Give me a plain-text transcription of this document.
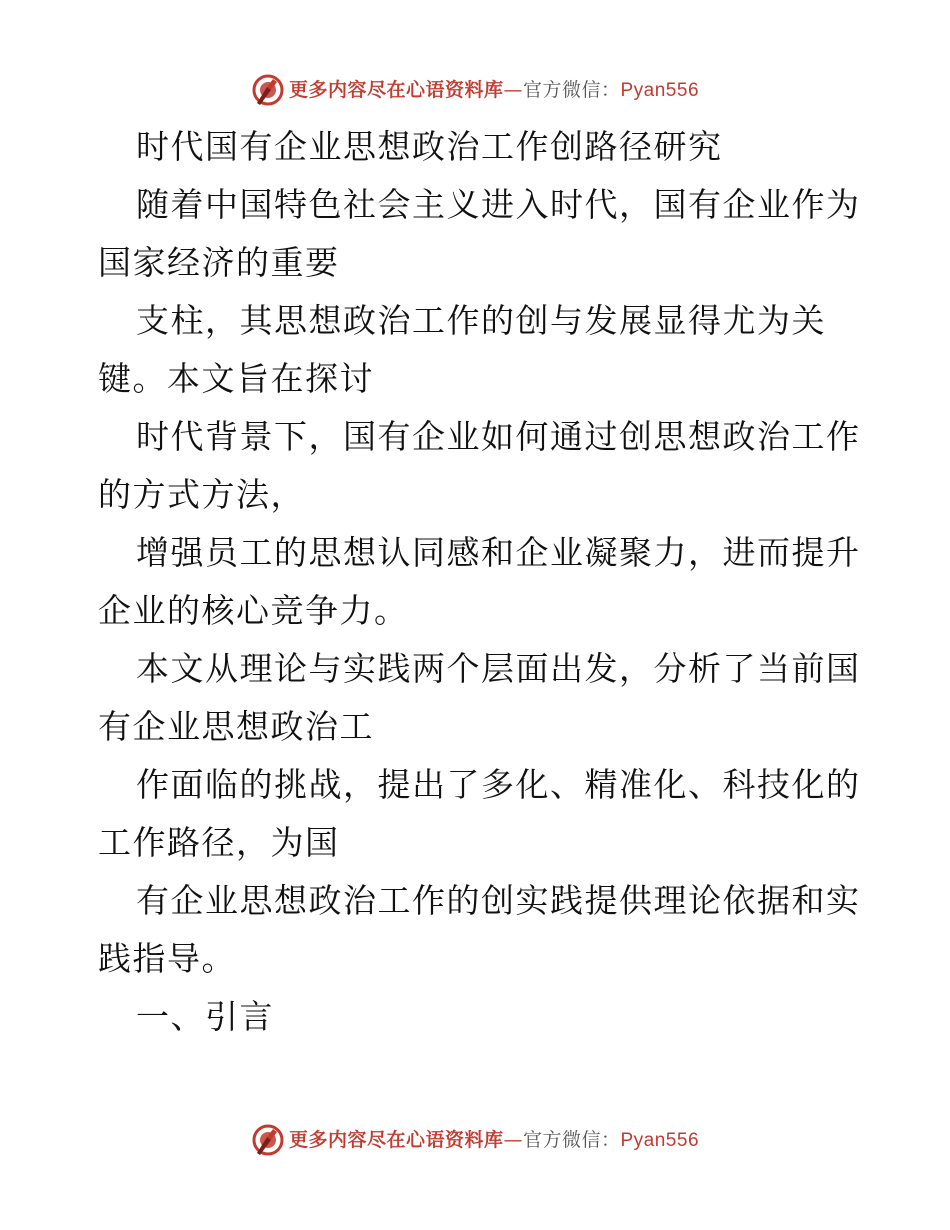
更多内容尽在心语资料库—官方微信：Pyan556
时代国有企业思想政治工作创路径研究
随着中国特色社会主义进入时代，国有企业作为
国家经济的重要
支柱，其思想政治工作的创与发展显得尤为关
键。本文旨在探讨
时代背景下，国有企业如何通过创思想政治工作
的方式方法，
增强员工的思想认同感和企业凝聚力，进而提升
企业的核心竞争力。
本文从理论与实践两个层面出发，分析了当前国
有企业思想政治工
作面临的挑战，提出了多化、精准化、科技化的
工作路径，为国
有企业思想政治工作的创实践提供理论依据和实
践指导。
一、引言
更多内容尽在心语资料库—官方微信：Pyan556
